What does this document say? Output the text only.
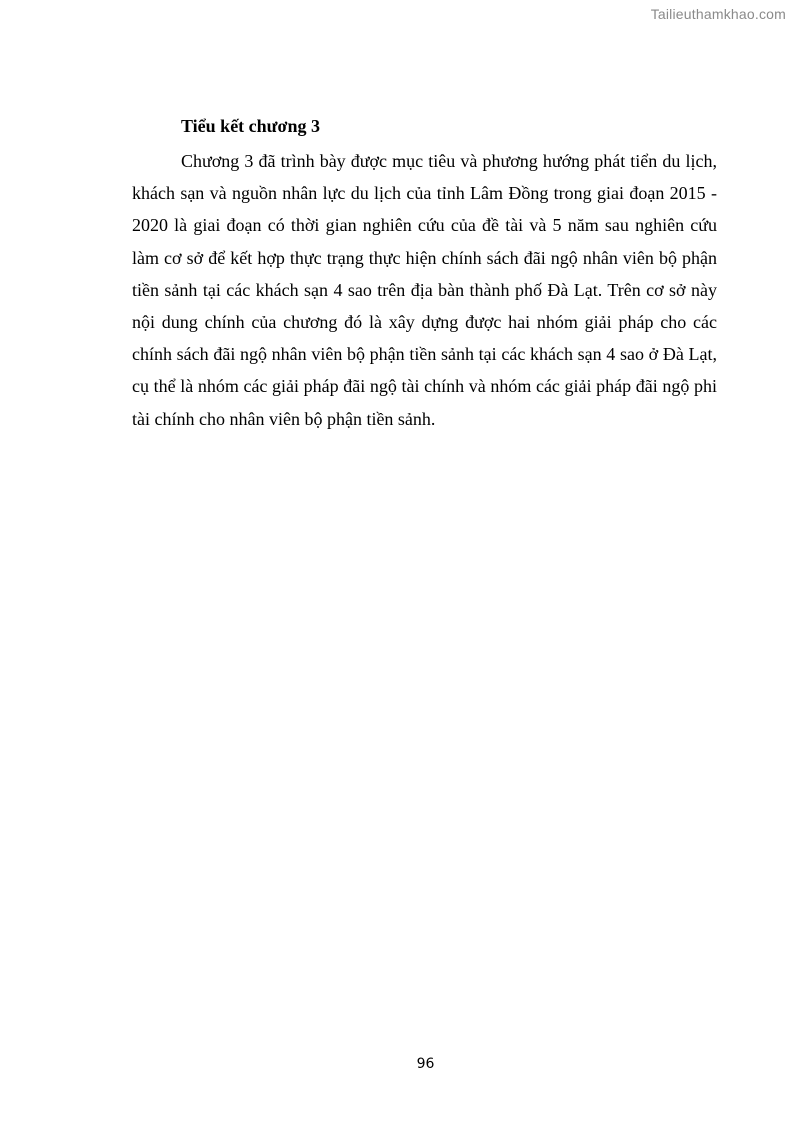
Tailieuthamkhao.com
Tiểu kết chương 3

Chương 3 đã trình bày được mục tiêu và phương hướng phát tiển du lịch, khách sạn và nguồn nhân lực du lịch của tỉnh Lâm Đồng trong giai đoạn 2015 - 2020 là giai đoạn có thời gian nghiên cứu của đề tài và 5 năm sau nghiên cứu làm cơ sở để kết hợp thực trạng thực hiện chính sách đãi ngộ nhân viên bộ phận tiền sảnh tại các khách sạn 4 sao trên địa bàn thành phố Đà Lạt. Trên cơ sở này nội dung chính của chương đó là xây dựng được hai nhóm giải pháp cho các chính sách đãi ngộ nhân viên bộ phận tiền sảnh tại các khách sạn 4 sao ở Đà Lạt, cụ thể là nhóm các giải pháp đãi ngộ tài chính và nhóm các giải pháp đãi ngộ phi tài chính cho nhân viên bộ phận tiền sảnh.

96
